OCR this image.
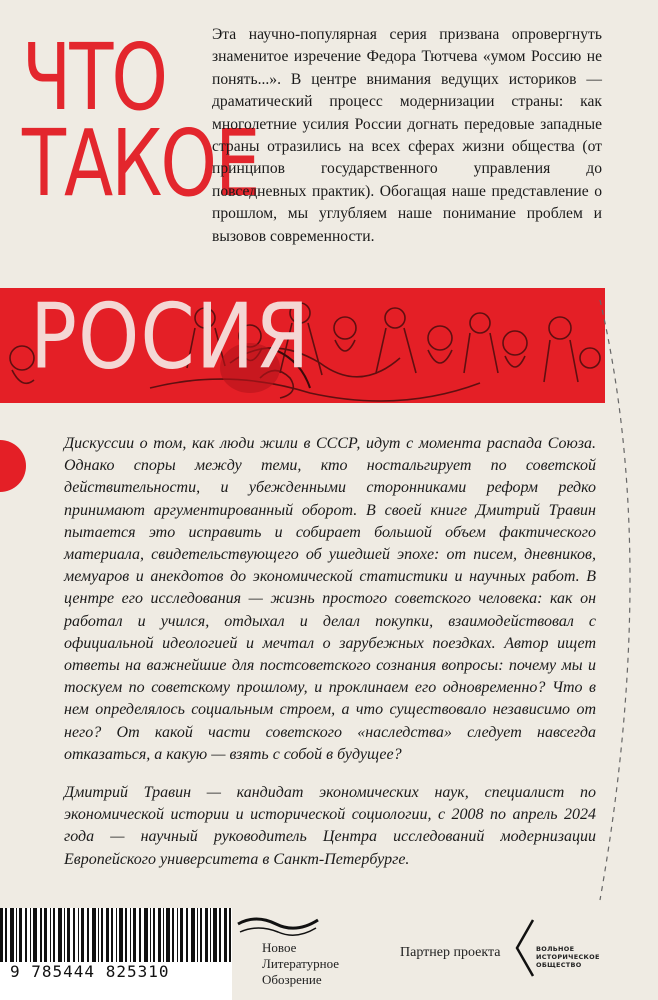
ЧТО
ТАКОЕ
Эта научно-популярная серия призвана опровергнуть знаменитое изречение Федора Тютчева «умом Россию не понять...». В центре внимания ведущих историков — драматический процесс модернизации страны: как многолетние усилия России догнать передовые западные страны отразились на всех сферах жизни общества (от принципов государственного управления до повседневных практик). Обогащая наше представление о прошлом, мы углубляем наше понимание проблем и вызовов современности.
РОСИЯ
Дискуссии о том, как люди жили в СССР, идут с момента распада Союза. Однако споры между теми, кто ностальгирует по советской действительности, и убежденными сторонниками реформ редко принимают аргументированный оборот. В своей книге Дмитрий Травин пытается это исправить и собирает большой объем фактического материала, свидетельствующего об ушедшей эпохе: от писем, дневников, мемуаров и анекдотов до экономической статистики и научных работ. В центре его исследования — жизнь простого советского человека: как он работал и учился, отдыхал и делал покупки, взаимодействовал с официальной идеологией и мечтал о зарубежных поездках. Автор ищет ответы на важнейшие для постсоветского сознания вопросы: почему мы и тоскуем по советскому прошлому, и проклинаем его одновременно? Что в нем определялось социальным строем, а что существовало независимо от него? От какой части советского «наследства» следует навсегда отказаться, а какую — взять с собой в будущее?
Дмитрий Травин — кандидат экономических наук, специалист по экономической истории и исторической социологии, с 2008 по апрель 2024 года — научный руководитель Центра исследований модернизации Европейского университета в Санкт-Петербурге.
9 785444 825310
Новое
Литературное
Обозрение
Партнер проекта	ВОЛЬНОЕ
ИСТОРИЧЕСКОЕ
ОБЩЕСТВО
